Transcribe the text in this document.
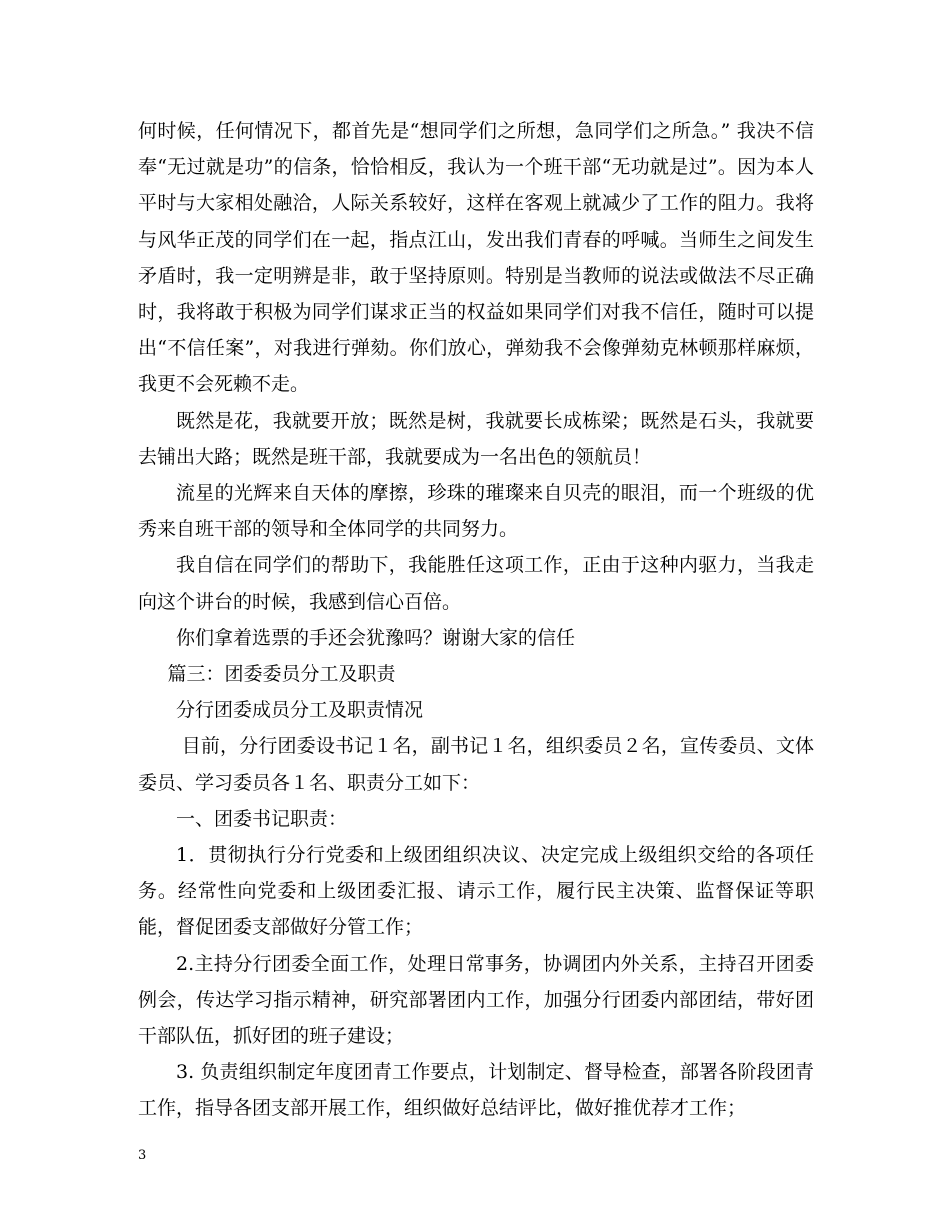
何时候，任何情况下，都首先是“想同学们之所想，急同学们之所急。” 我决不信奉“无过就是功”的信条，恰恰相反，我认为一个班干部“无功就是过”。因为本人平时与大家相处融洽，人际关系较好，这样在客观上就减少了工作的阻力。我将与风华正茂的同学们在一起，指点江山，发出我们青春的呼喊。当师生之间发生矛盾时，我一定明辨是非，敢于坚持原则。特别是当教师的说法或做法不尽正确时，我将敢于积极为同学们谋求正当的权益如果同学们对我不信任，随时可以提出“不信任案”，对我进行弹劾。你们放心，弹劾我不会像弹劾克林顿那样麻烦，我更不会死赖不走。

既然是花，我就要开放；既然是树，我就要长成栋梁；既然是石头，我就要去铺出大路；既然是班干部，我就要成为一名出色的领航员！

流星的光辉来自天体的摩擦，珍珠的璀璨来自贝壳的眼泪，而一个班级的优秀来自班干部的领导和全体同学的共同努力。

我自信在同学们的帮助下，我能胜任这项工作，正由于这种内驱力，当我走向这个讲台的时候，我感到信心百倍。

你们拿着选票的手还会犹豫吗？谢谢大家的信任

篇三：团委委员分工及职责

分行团委成员分工及职责情况

目前，分行团委设书记１名，副书记１名，组织委员２名，宣传委员、文体委员、学习委员各１名、职责分工如下：

一、团委书记职责：

1．贯彻执行分行党委和上级团组织决议、决定完成上级组织交给的各项任务。经常性向党委和上级团委汇报、请示工作，履行民主决策、监督保证等职能，督促团委支部做好分管工作；

2.主持分行团委全面工作，处理日常事务，协调团内外关系，主持召开团委例会，传达学习指示精神，研究部署团内工作，加强分行团委内部团结，带好团干部队伍，抓好团的班子建设；

3. 负责组织制定年度团青工作要点，计划制定、督导检查，部署各阶段团青工作，指导各团支部开展工作，组织做好总结评比，做好推优荐才工作；

3
